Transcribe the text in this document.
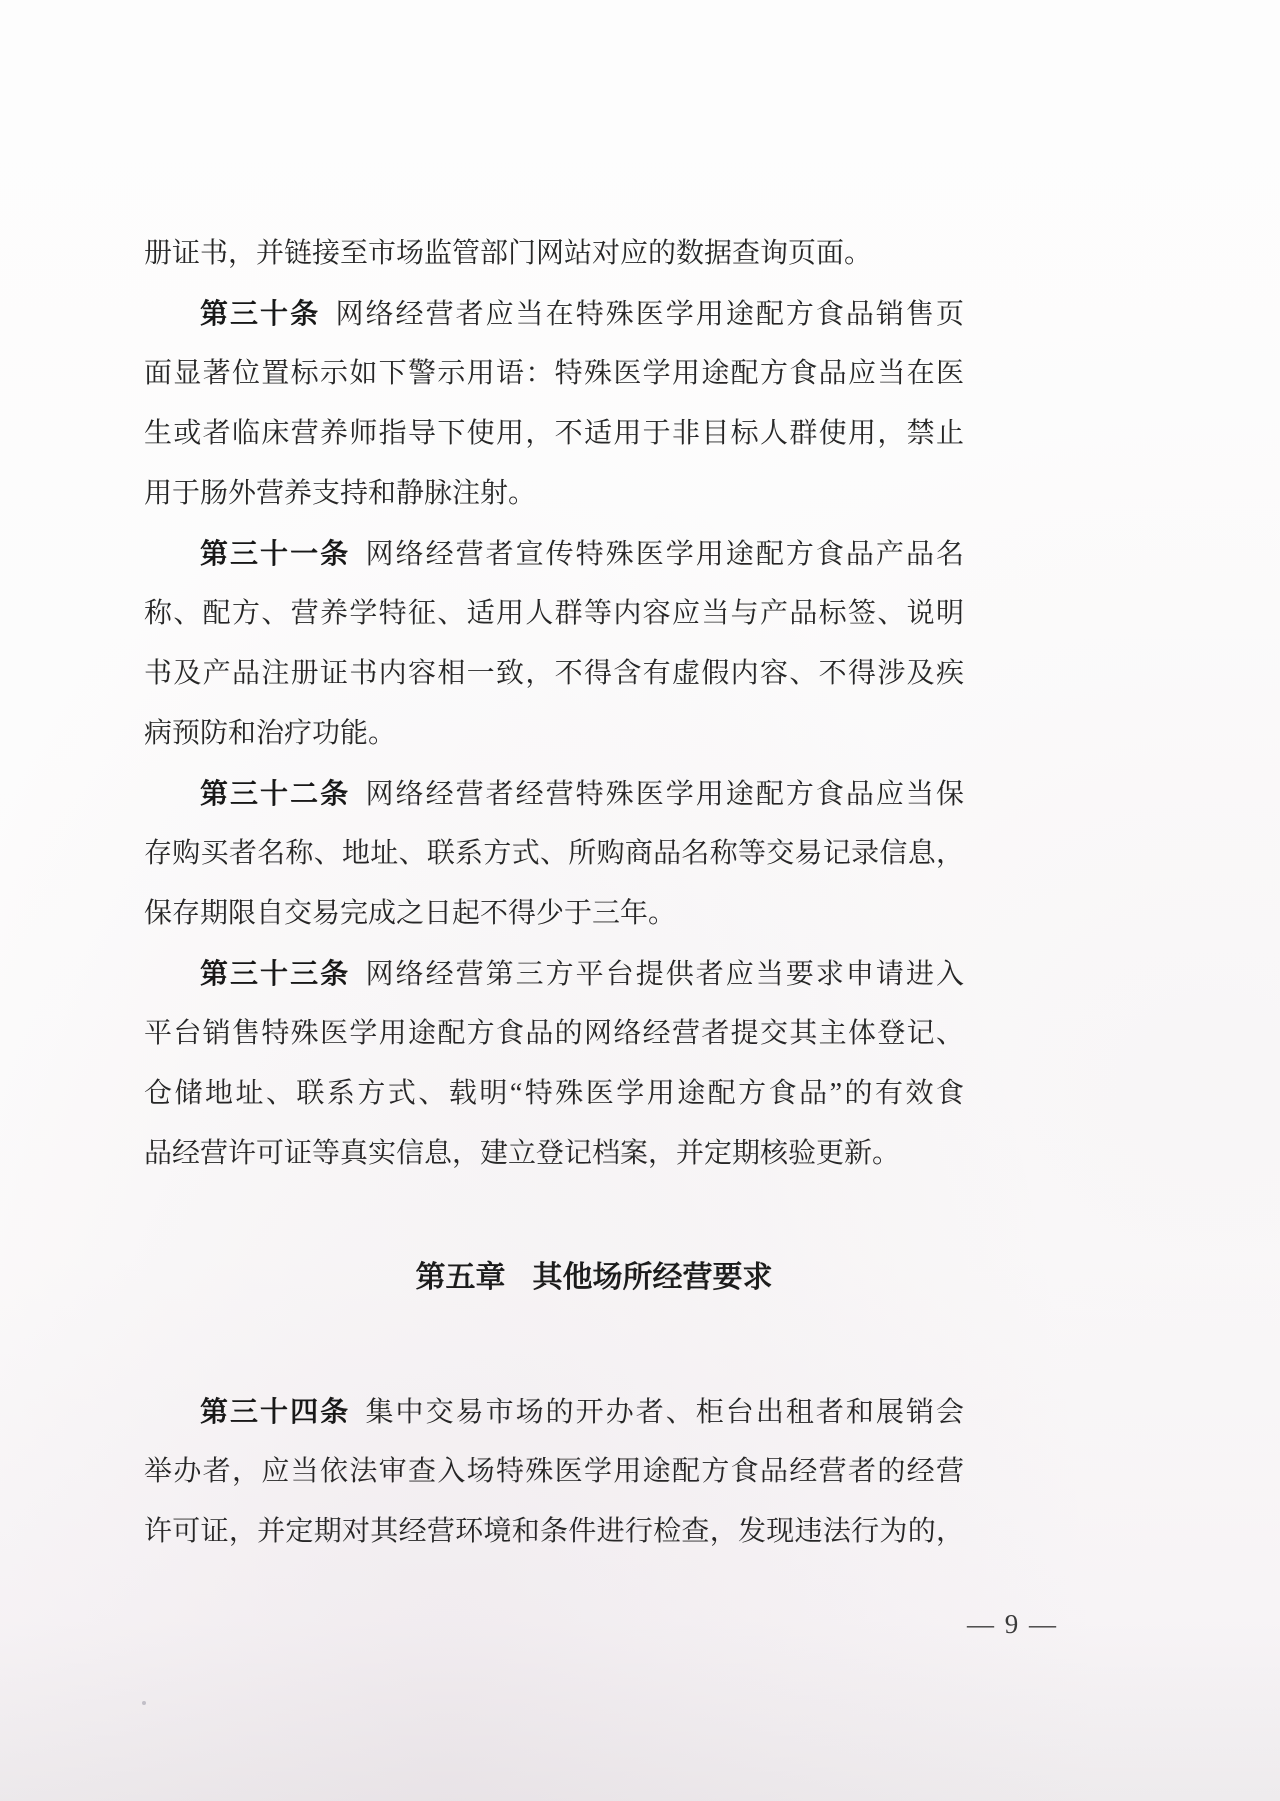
册证书，并链接至市场监管部门网站对应的数据查询页面。
第三十条 网络经营者应当在特殊医学用途配方食品销售页
面显著位置标示如下警示用语：特殊医学用途配方食品应当在医
生或者临床营养师指导下使用，不适用于非目标人群使用，禁止
用于肠外营养支持和静脉注射。
第三十一条 网络经营者宣传特殊医学用途配方食品产品名
称、配方、营养学特征、适用人群等内容应当与产品标签、说明
书及产品注册证书内容相一致，不得含有虚假内容、不得涉及疾
病预防和治疗功能。
第三十二条 网络经营者经营特殊医学用途配方食品应当保
存购买者名称、地址、联系方式、所购商品名称等交易记录信息，
保存期限自交易完成之日起不得少于三年。
第三十三条 网络经营第三方平台提供者应当要求申请进入
平台销售特殊医学用途配方食品的网络经营者提交其主体登记、
仓储地址、联系方式、载明“特殊医学用途配方食品”的有效食
品经营许可证等真实信息，建立登记档案，并定期核验更新。
第五章 其他场所经营要求
第三十四条 集中交易市场的开办者、柜台出租者和展销会
举办者，应当依法审查入场特殊医学用途配方食品经营者的经营
许可证，并定期对其经营环境和条件进行检查，发现违法行为的，
— 9 —
